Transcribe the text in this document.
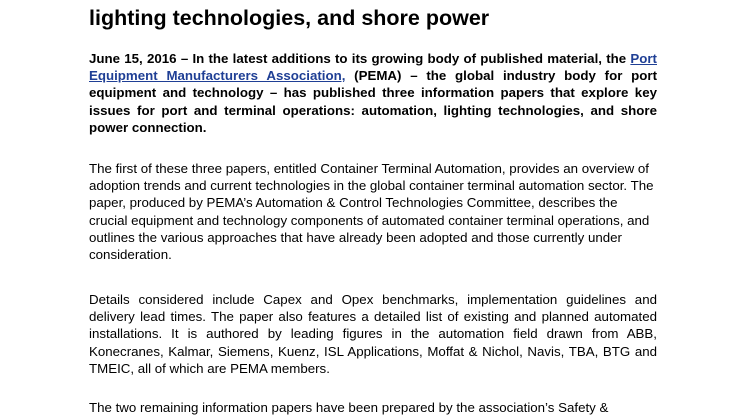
lighting technologies, and shore power

June 15, 2016 – In the latest additions to its growing body of published material, the Port Equipment Manufacturers Association, (PEMA) – the global industry body for port equipment and technology – has published three information papers that explore key issues for port and terminal operations: automation, lighting technologies, and shore power connection.

The first of these three papers, entitled Container Terminal Automation, provides an overview of adoption trends and current technologies in the global container terminal automation sector. The paper, produced by PEMA’s Automation & Control Technologies Committee, describes the crucial equipment and technology components of automated container terminal operations, and outlines the various approaches that have already been adopted and those currently under consideration.

Details considered include Capex and Opex benchmarks, implementation guidelines and delivery lead times. The paper also features a detailed list of existing and planned automated installations. It is authored by leading figures in the automation field drawn from ABB, Konecranes, Kalmar, Siemens, Kuenz, ISL Applications, Moffat & Nichol, Navis, TBA, BTG and TMEIC, all of which are PEMA members.

The two remaining information papers have been prepared by the association’s Safety &
